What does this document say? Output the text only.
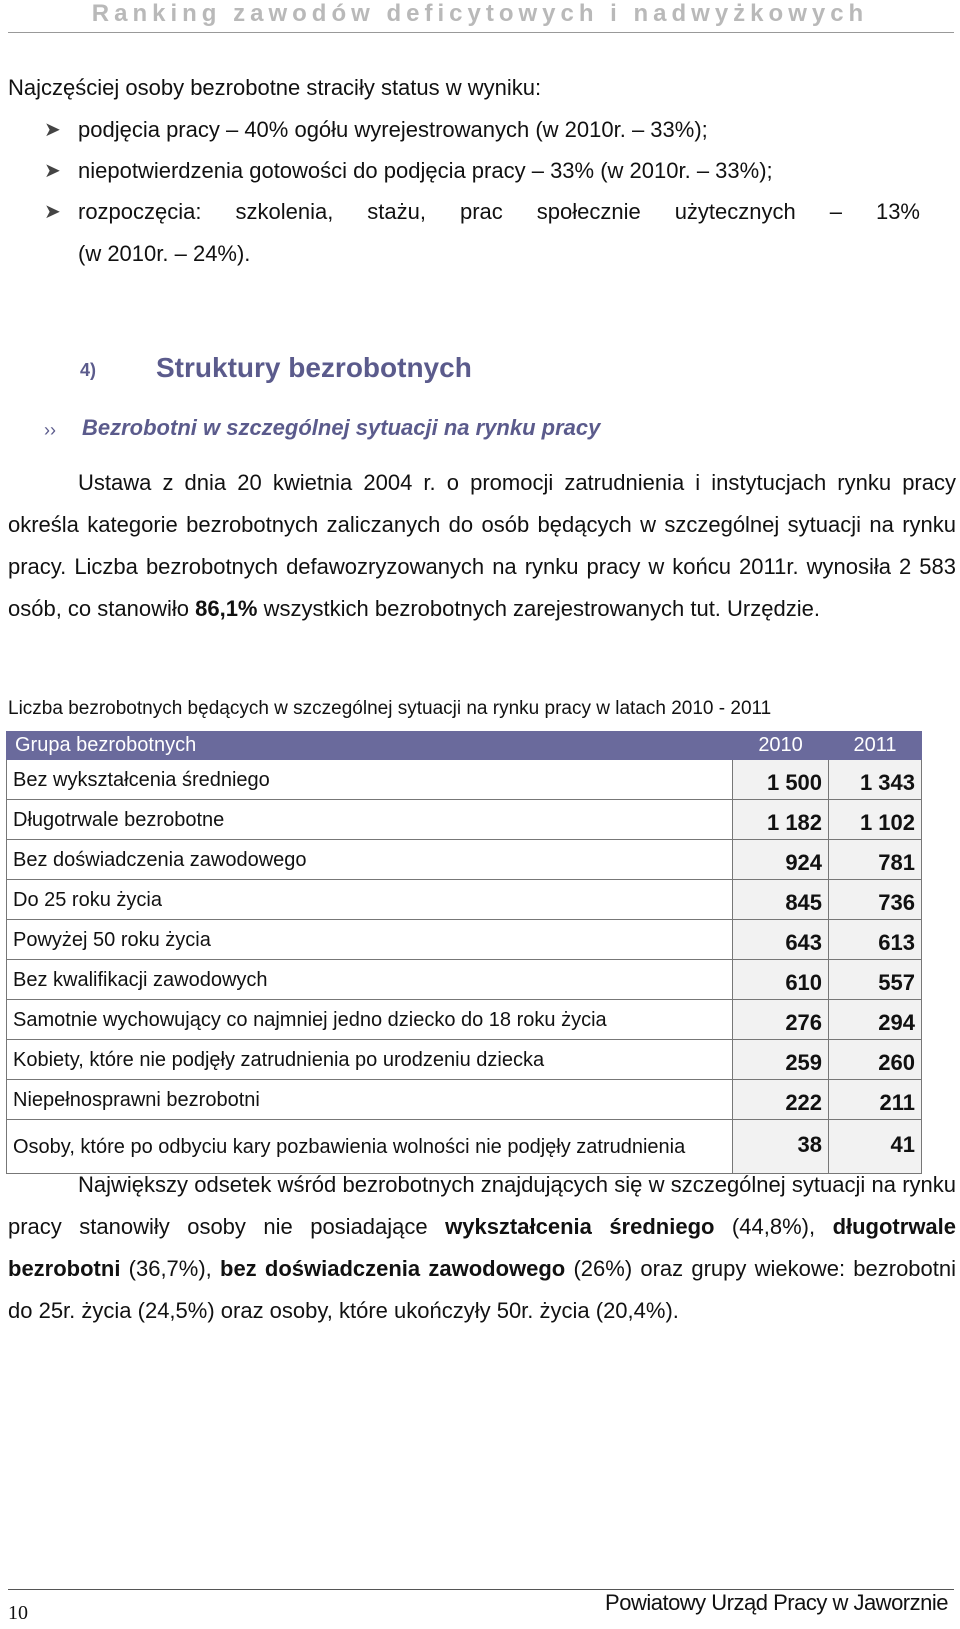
Ranking zawodów deficytowych i nadwyżkowych
Najczęściej osoby bezrobotne straciły status w wyniku:
➤ podjęcia pracy – 40% ogółu wyrejestrowanych (w 2010r. – 33%);
➤ niepotwierdzenia gotowości do podjęcia pracy – 33% (w 2010r. – 33%);
➤ rozpoczęcia: szkolenia, stażu, prac społecznie użytecznych – 13%
(w 2010r. – 24%).
4) Struktury bezrobotnych
›› Bezrobotni w szczególnej sytuacji na rynku pracy
Ustawa z dnia 20 kwietnia 2004 r. o promocji zatrudnienia i instytucjach rynku pracy określa kategorie bezrobotnych zaliczanych do osób będących w szczególnej sytuacji na rynku pracy. Liczba bezrobotnych defawozryzowanych na rynku pracy w końcu 2011r. wynosiła 2 583 osób, co stanowiło 86,1% wszystkich bezrobotnych zarejestrowanych tut. Urzędzie.
Liczba bezrobotnych będących w szczególnej sytuacji na rynku pracy w latach 2010 - 2011
Grupa bezrobotnych	2010	2011
Bez wykształcenia średniego	1 500	1 343
Długotrwale bezrobotne	1 182	1 102
Bez doświadczenia zawodowego	924	781
Do 25 roku życia	845	736
Powyżej 50 roku życia	643	613
Bez kwalifikacji zawodowych	610	557
Samotnie wychowujący co najmniej jedno dziecko do 18 roku życia	276	294
Kobiety, które nie podjęły zatrudnienia po urodzeniu dziecka	259	260
Niepełnosprawni bezrobotni	222	211
Osoby, które po odbyciu kary pozbawienia wolności nie podjęły zatrudnienia	38	41
Największy odsetek wśród bezrobotnych znajdujących się w szczególnej sytuacji na rynku pracy stanowiły osoby nie posiadające wykształcenia średniego (44,8%), długotrwale bezrobotni (36,7%), bez doświadczenia zawodowego (26%) oraz grupy wiekowe: bezrobotni do 25r. życia (24,5%) oraz osoby, które ukończyły 50r. życia (20,4%).
10	Powiatowy Urząd Pracy w Jaworznie
